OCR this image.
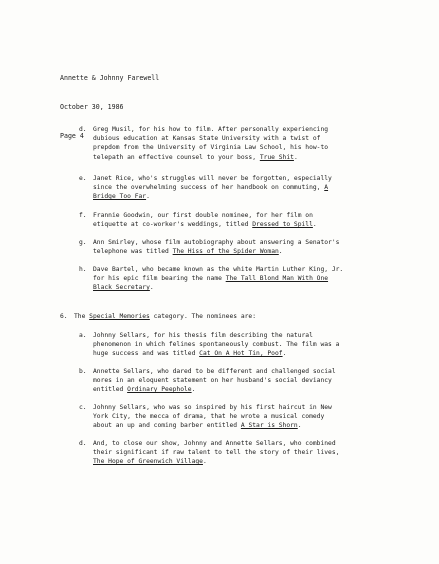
Annette & Johnny Farewell

October 30, 1986

Page 4

d. Greg Musil, for his how to film. After personally experiencing
dubious education at Kansas State University with a twist of
prepdom from the University of Virginia Law School, his how-to
telepath an effective counsel to your boss, True Shit.
e. Janet Rice, who's struggles will never be forgotten, especially
since the overwhelming success of her handbook on commuting, A
Bridge Too Far.
f. Frannie Goodwin, our first double nominee, for her film on
etiquette at co-worker's weddings, titled Dressed to Spill.
g. Ann Smirley, whose film autobiography about answering a Senator's
telephone was titled The Hiss of the Spider Woman.
h. Dave Bartel, who became known as the white Martin Luther King, Jr.
for his epic film bearing the name The Tall Blond Man With One
Black Secretary.
6. The Special Memories category. The nominees are:
a. Johnny Sellars, for his thesis film describing the natural
phenomenon in which felines spontaneously combust. The film was a
huge success and was titled Cat On A Hot Tin, Poof.
b. Annette Sellars, who dared to be different and challenged social
mores in an eloquent statement on her husband's social deviancy
entitled Ordinary Peephole.
c. Johnny Sellars, who was so inspired by his first haircut in New
York City, the mecca of drama, that he wrote a musical comedy
about an up and coming barber entitled A Star is Shorn.
d. And, to close our show, Johnny and Annette Sellars, who combined
their significant if raw talent to tell the story of their lives,
The Hope of Greenwich Village.
